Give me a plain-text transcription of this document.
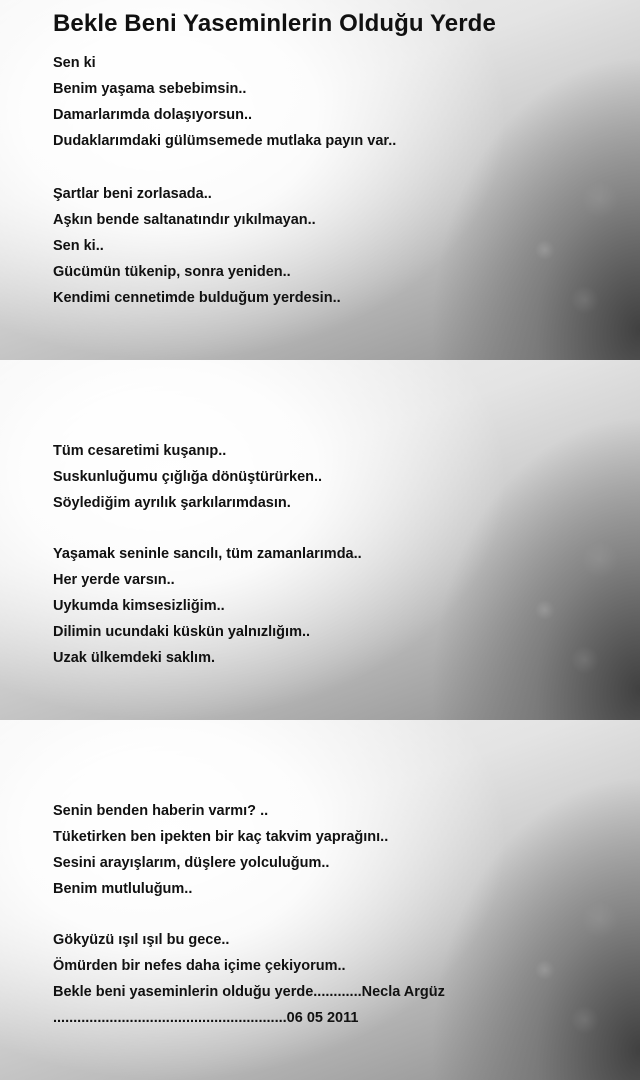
Bekle Beni Yaseminlerin Olduğu Yerde
Sen ki
Benim yaşama sebebimsin..
Damarlarımda dolaşıyorsun..
Dudaklarımdaki gülümsemede mutlaka payın var..
Şartlar beni zorlasada..
Aşkın bende saltanatındır yıkılmayan..
Sen ki..
Gücümün tükenip, sonra yeniden..
Kendimi cennetimde bulduğum yerdesin..
Tüm cesaretimi kuşanıp..
Suskunluğumu çığlığa dönüştürürken..
Söylediğim ayrılık şarkılarımdasın.
Yaşamak seninle sancılı, tüm zamanlarımda..
Her yerde varsın..
Uykumda kimsesizliğim..
Dilimin ucundaki küskün yalnızlığım..
Uzak ülkemdeki saklım.
Senin benden haberin varmı? ..
Tüketirken ben ipekten bir kaç takvim yaprağını..
Sesini arayışlarım, düşlere yolculuğum..
Benim mutluluğum..
Gökyüzü ışıl ışıl bu gece..
Ömürden bir nefes daha içime çekiyorum..
Bekle beni yaseminlerin olduğu yerde............Necla Argüz
..........................................................06 05 2011
